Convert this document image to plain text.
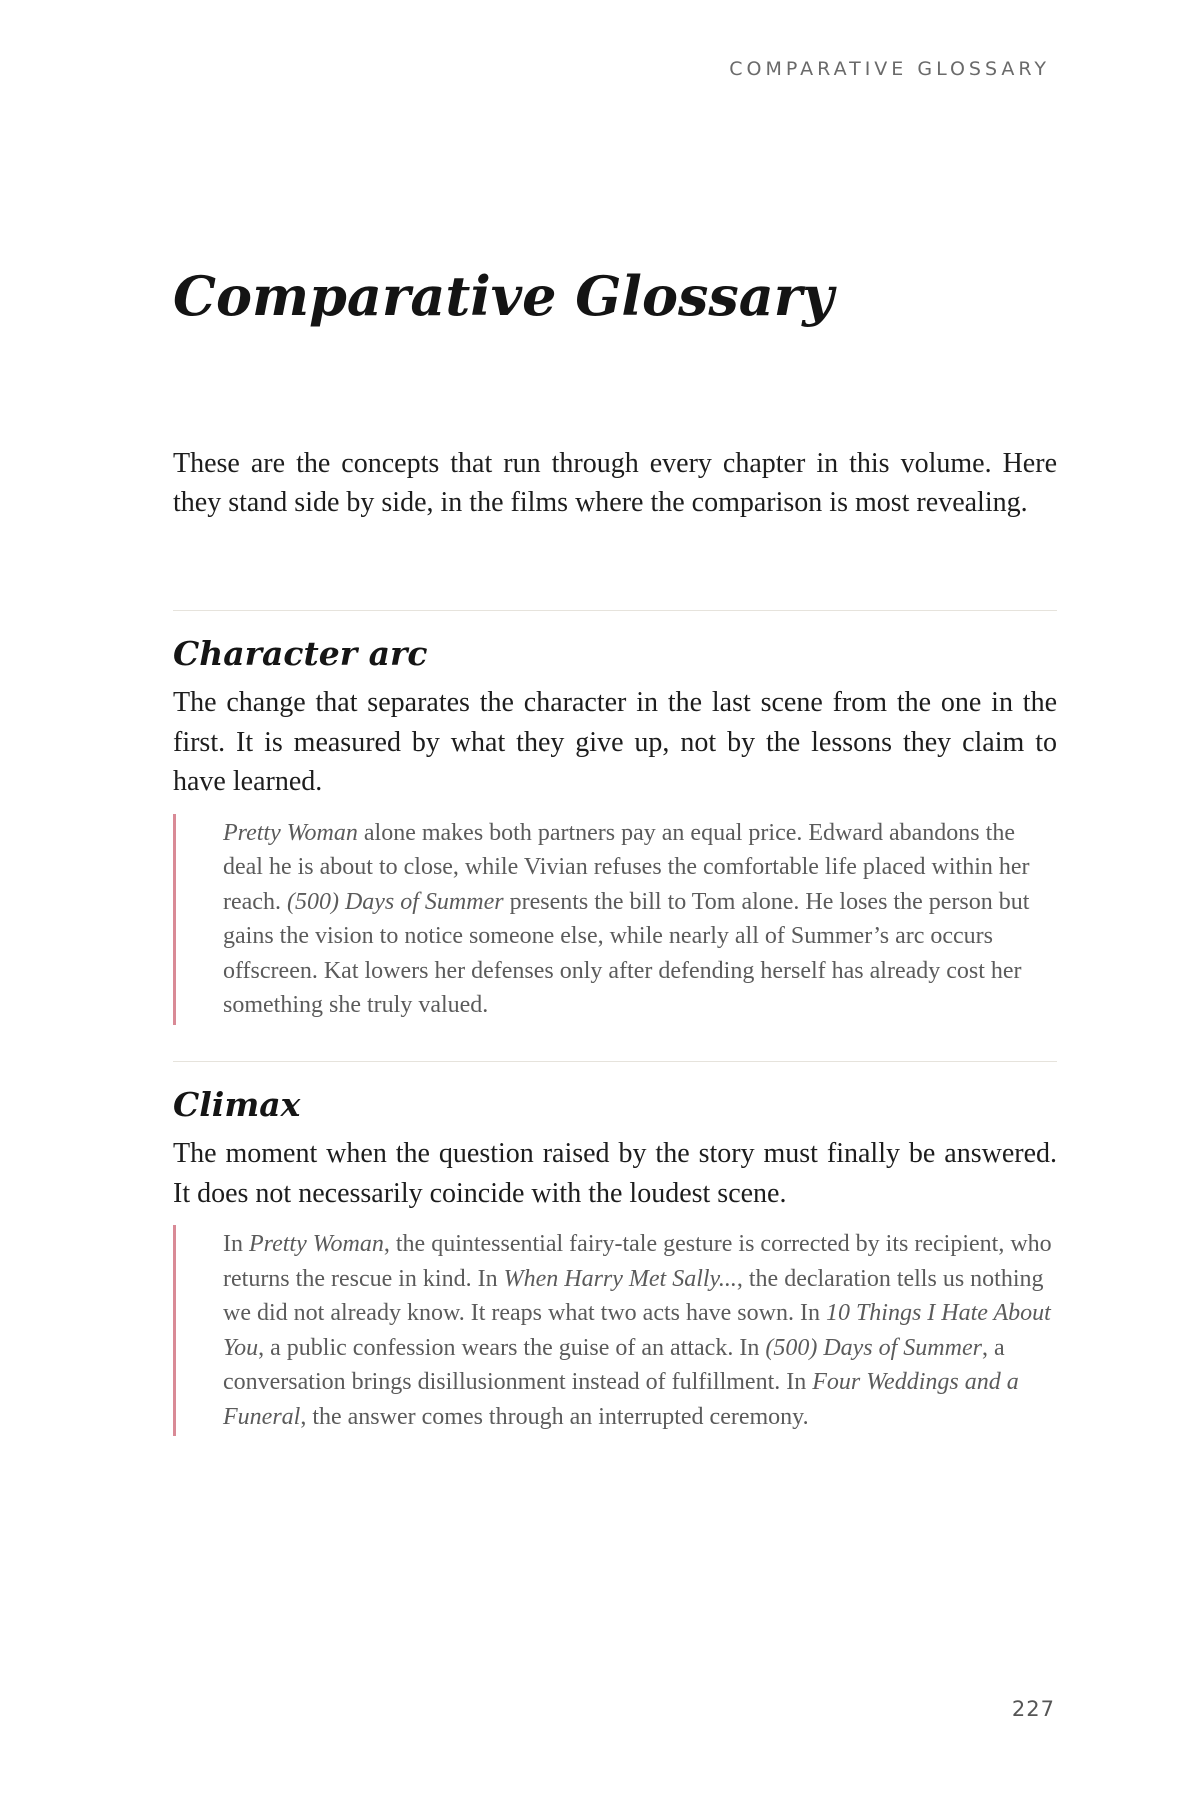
COMPARATIVE GLOSSARY
Comparative Glossary

These are the concepts that run through every chapter in this volume. Here they stand side by side, in the films where the comparison is most revealing.

Character arc

The change that separates the character in the last scene from the one in the first. It is measured by what they give up, not by the lessons they claim to have learned.

Pretty Woman alone makes both partners pay an equal price. Edward abandons the deal he is about to close, while Vivian refuses the comfortable life placed within her reach. (500) Days of Summer presents the bill to Tom alone. He loses the person but gains the vision to notice someone else, while nearly all of Summer’s arc occurs offscreen. Kat lowers her defenses only after defending herself has already cost her something she truly valued.
Climax

The moment when the question raised by the story must finally be answered. It does not necessarily coincide with the loudest scene.

In Pretty Woman, the quintessential fairy-tale gesture is corrected by its recipient, who returns the rescue in kind. In When Harry Met Sally..., the declaration tells us nothing we did not already know. It reaps what two acts have sown. In 10 Things I Hate About You, a public confession wears the guise of an attack. In (500) Days of Summer, a conversation brings disillusionment instead of fulfillment. In Four Weddings and a Funeral, the answer comes through an interrupted ceremony.
227
